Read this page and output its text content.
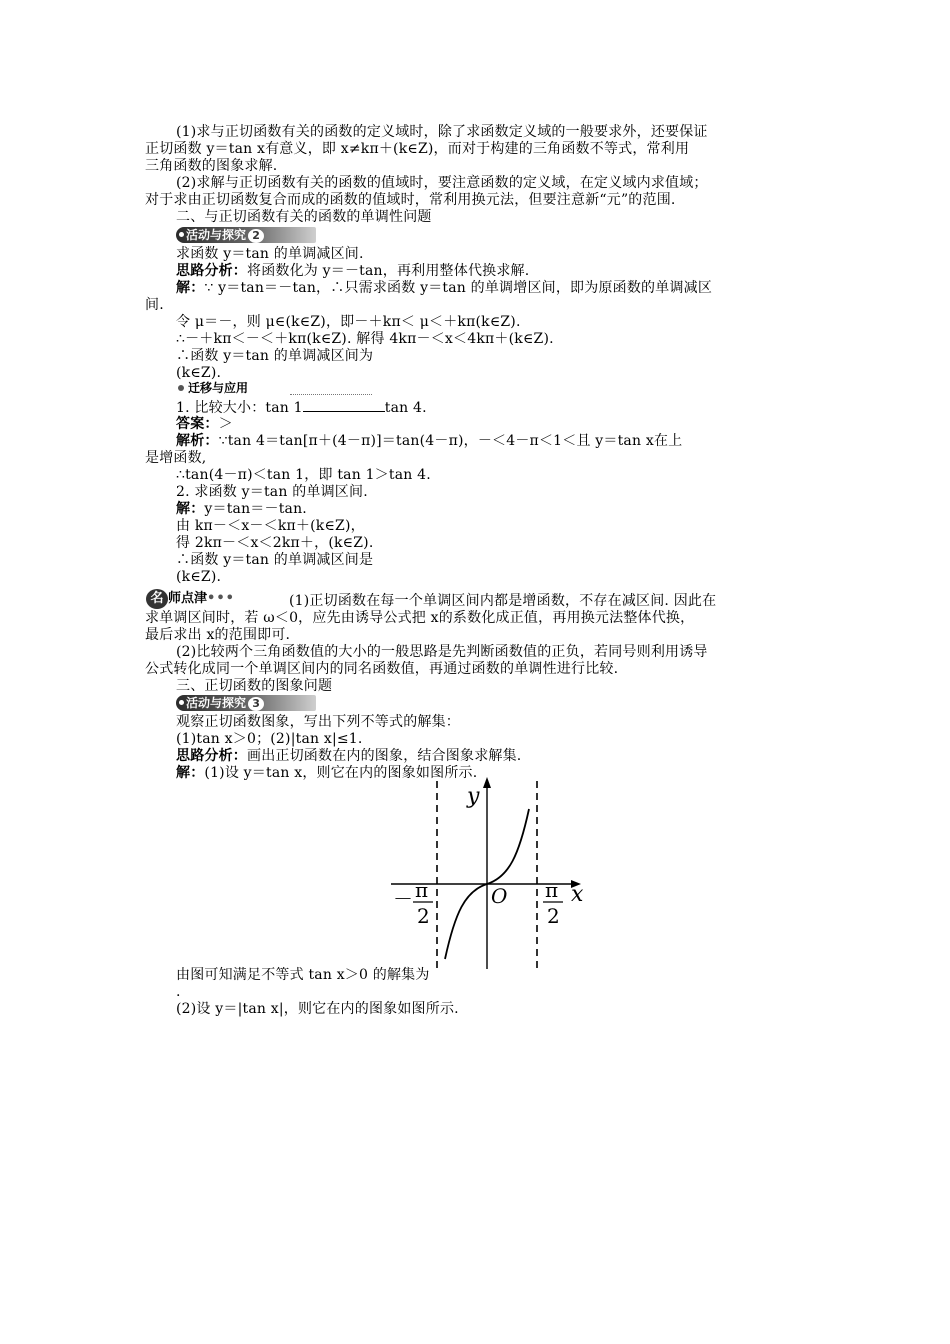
(1)求与正切函数有关的函数的定义域时，除了求函数定义域的一般要求外，还要保证
正切函数 y＝tan x有意义，即 x≠kπ＋(k∈Z)，而对于构建的三角函数不等式，常利用
三角函数的图象求解.
(2)求解与正切函数有关的函数的值域时，要注意函数的定义域，在定义域内求值域；
对于求由正切函数复合而成的函数的值域时，常利用换元法，但要注意新“元”的范围.
二、与正切函数有关的函数的单调性问题
活动与探究 2
求函数 y＝tan 的单调减区间.
思路分析：将函数化为 y＝－tan，再利用整体代换求解.
解：∵ y＝tan＝－tan，∴只需求函数 y＝tan 的单调增区间，即为原函数的单调减区
间.
令 μ＝－，则 μ∈(k∈Z)，即－＋kπ＜ μ＜＋kπ(k∈Z).
∴－＋kπ＜－＜＋kπ(k∈Z). 解得 4kπ－＜x＜4kπ＋(k∈Z).
∴函数 y＝tan 的单调减区间为
(k∈Z).
迁移与应用
1. 比较大小：tan 1	tan 4.
答案：＞
解析：∵tan 4＝tan[π＋(4－π)]＝tan(4－π)，－＜4－π＜1＜且 y＝tan x在上
是增函数,
∴tan(4－π)＜tan 1，即 tan 1＞tan 4.
2. 求函数 y＝tan 的单调区间.
解：y＝tan＝－tan.
由 kπ－＜x－＜kπ＋(k∈Z)，
得 2kπ－＜x＜2kπ＋，(k∈Z).
∴函数 y＝tan 的单调减区间是
(k∈Z).
名 师点津•••	(1)正切函数在每一个单调区间内都是增函数，不存在减区间. 因此在
求单调区间时，若 ω＜0，应先由诱导公式把 x的系数化成正值，再用换元法整体代换，
最后求出 x的范围即可.
(2)比较两个三角函数值的大小的一般思路是先判断函数值的正负，若同号则利用诱导
公式转化成同一个单调区间内的同名函数值，再通过函数的单调性进行比较.
三、正切函数的图象问题
活动与探究 3
观察正切函数图象，写出下列不等式的解集：
(1)tan x＞0；(2)|tan x|≤1.
思路分析：画出正切函数在内的图象，结合图象求解集.
解：(1)设 y＝tan x，则它在内的图象如图所示.
y
x
O
－ π
2
π
2
由图可知满足不等式 tan x＞0 的解集为
.
(2)设 y＝|tan x|，则它在内的图象如图所示.
